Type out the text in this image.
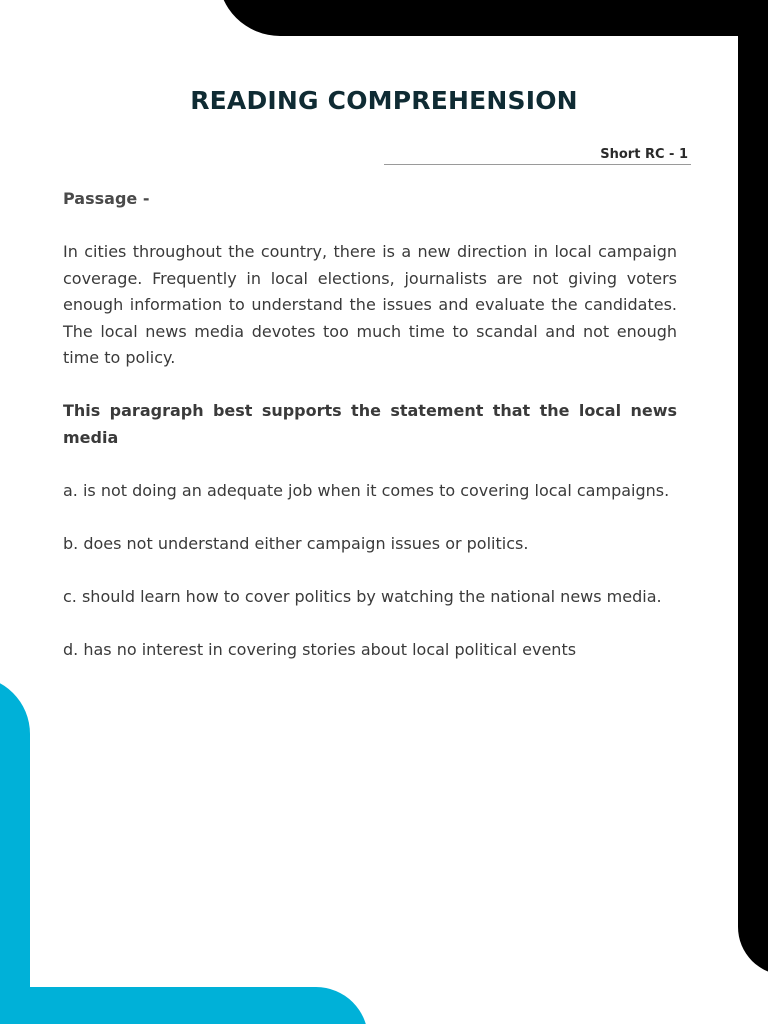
READING COMPREHENSION
Short RC - 1

Passage -

In cities throughout the country, there is a new direction in local campaign coverage. Frequently in local elections, journalists are not giving voters enough information to understand the issues and evaluate the candidates. The local news media devotes too much time to scandal and not enough time to policy.

This paragraph best supports the statement that the local news media

a. is not doing an adequate job when it comes to covering local campaigns.

b. does not understand either campaign issues or politics.

c. should learn how to cover politics by watching the national news media.

d. has no interest in covering stories about local political events
